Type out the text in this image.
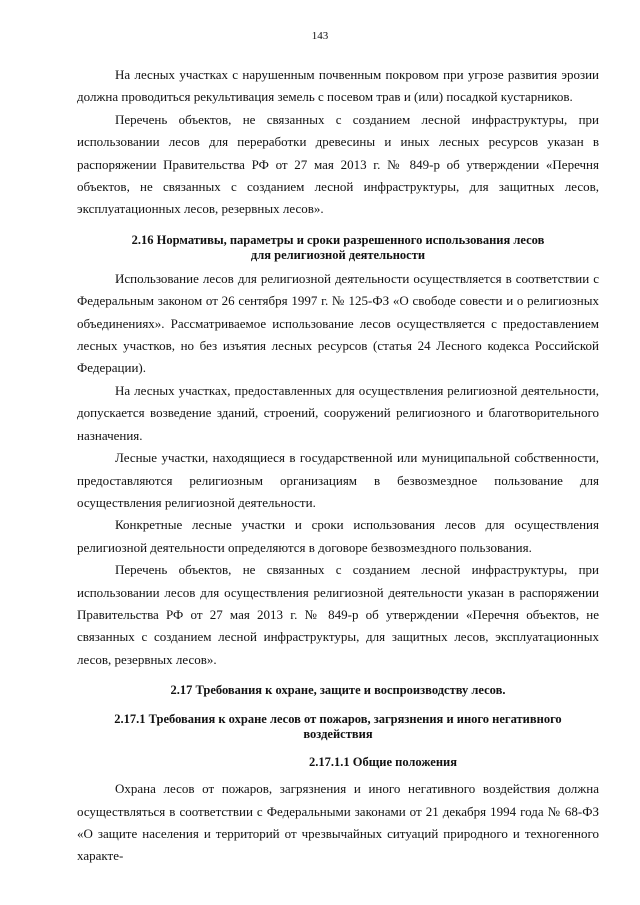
143

На лесных участках с нарушенным почвенным покровом при угрозе развития эрозии должна проводиться рекультивация земель с посевом трав и (или) посадкой кустарников.

Перечень объектов, не связанных с созданием лесной инфраструктуры, при использовании лесов для переработки древесины и иных лесных ресурсов указан в распоряжении Правительства РФ от 27 мая 2013 г. № 849-р об утверждении «Перечня объектов, не связанных с созданием лесной инфраструктуры, для защитных лесов, эксплуатационных лесов, резервных лесов».

2.16 Нормативы, параметры и сроки разрешенного использования лесов
для религиозной деятельности

Использование лесов для религиозной деятельности осуществляется в соответствии с Федеральным законом от 26 сентября 1997 г. № 125-ФЗ «О свободе совести и о религиозных объединениях». Рассматриваемое использование лесов осуществляется с предоставлением лесных участков, но без изъятия лесных ресурсов (статья 24 Лесного кодекса Российской Федерации).

На лесных участках, предоставленных для осуществления религиозной деятельности, допускается возведение зданий, строений, сооружений религиозного и благотворительного назначения.

Лесные участки, находящиеся в государственной или муниципальной собственности, предоставляются религиозным организациям в безвозмездное пользование для осуществления религиозной деятельности.

Конкретные лесные участки и сроки использования лесов для осуществления религиозной деятельности определяются в договоре безвозмездного пользования.

Перечень объектов, не связанных с созданием лесной инфраструктуры, при использовании лесов для осуществления религиозной деятельности указан в распоряжении Правительства РФ от 27 мая 2013 г. № 849-р об утверждении «Перечня объектов, не связанных с созданием лесной инфраструктуры, для защитных лесов, эксплуатационных лесов, резервных лесов».

2.17 Требования к охране, защите и воспроизводству лесов.
2.17.1 Требования к охране лесов от пожаров, загрязнения и иного негативного
воздействия
2.17.1.1 Общие положения

Охрана лесов от пожаров, загрязнения и иного негативного воздействия должна осуществляться в соответствии с Федеральными законами от 21 декабря 1994 года № 68-ФЗ «О защите населения и территорий от чрезвычайных ситуаций природного и техногенного характе-
